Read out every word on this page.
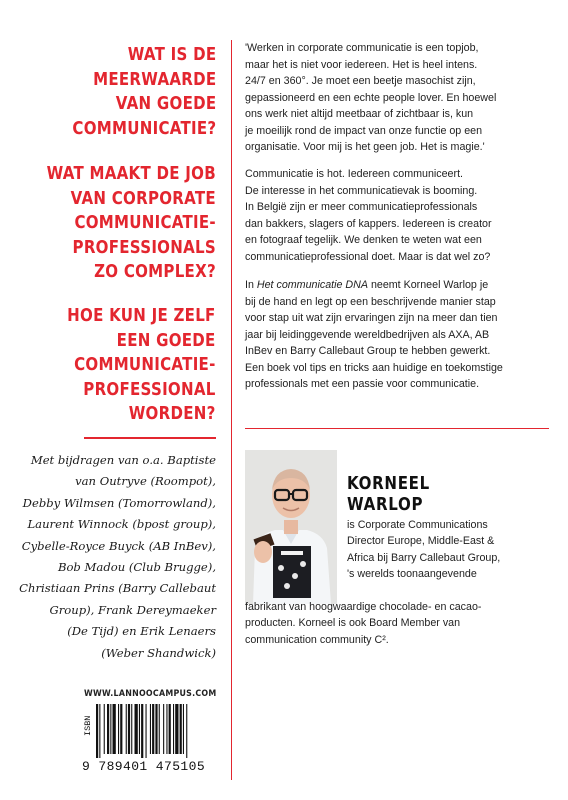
WAT IS DE
MEERWAARDE
VAN GOEDE
COMMUNICATIE?
WAT MAAKT DE JOB
VAN CORPORATE
COMMUNICATIE-
PROFESSIONALS
ZO COMPLEX?
HOE KUN JE ZELF
EEN GOEDE
COMMUNICATIE-
PROFESSIONAL
WORDEN?

Met bijdragen van o.a. Baptiste
van Outryve (Roompot),
Debby Wilmsen (Tomorrowland),
Laurent Winnock (bpost group),
Cybelle-Royce Buyck (AB InBev),
Bob Madou (Club Brugge),
Christiaan Prins (Barry Callebaut
Group), Frank Dereymaeker
(De Tijd) en Erik Lenaers
(Weber Shandwick)

WWW.LANNOOCAMPUS.COM
ISBN
9 789401 475105

'Werken in corporate communicatie is een topjob,
maar het is niet voor iedereen. Het is heel intens.
24/7 en 360°. Je moet een beetje masochist zijn,
gepassioneerd en een echte people lover. En hoewel
ons werk niet altijd meetbaar of zichtbaar is, kun
je moeilijk rond de impact van onze functie op een
organisatie. Voor mij is het geen job. Het is magie.'

Communicatie is hot. Iedereen communiceert.
De interesse in het communicatievak is booming.
In België zijn er meer communicatieprofessionals
dan bakkers, slagers of kappers. Iedereen is creator
en fotograaf tegelijk. We denken te weten wat een
communicatieprofessional doet. Maar is dat wel zo?

In Het communicatie DNA neemt Korneel Warlop je
bij de hand en legt op een beschrijvende manier stap
voor stap uit wat zijn ervaringen zijn na meer dan tien
jaar bij leidinggevende wereldbedrijven als AXA, AB
InBev en Barry Callebaut Group te hebben gewerkt.
Een boek vol tips en tricks aan huidige en toekomstige
professionals met een passie voor communicatie.

KORNEEL
WARLOP

is Corporate Communications
Director Europe, Middle-East &
Africa bij Barry Callebaut Group,
's werelds toonaangevende

fabrikant van hoogwaardige chocolade- en cacao-
producten. Korneel is ook Board Member van
communication community C².
